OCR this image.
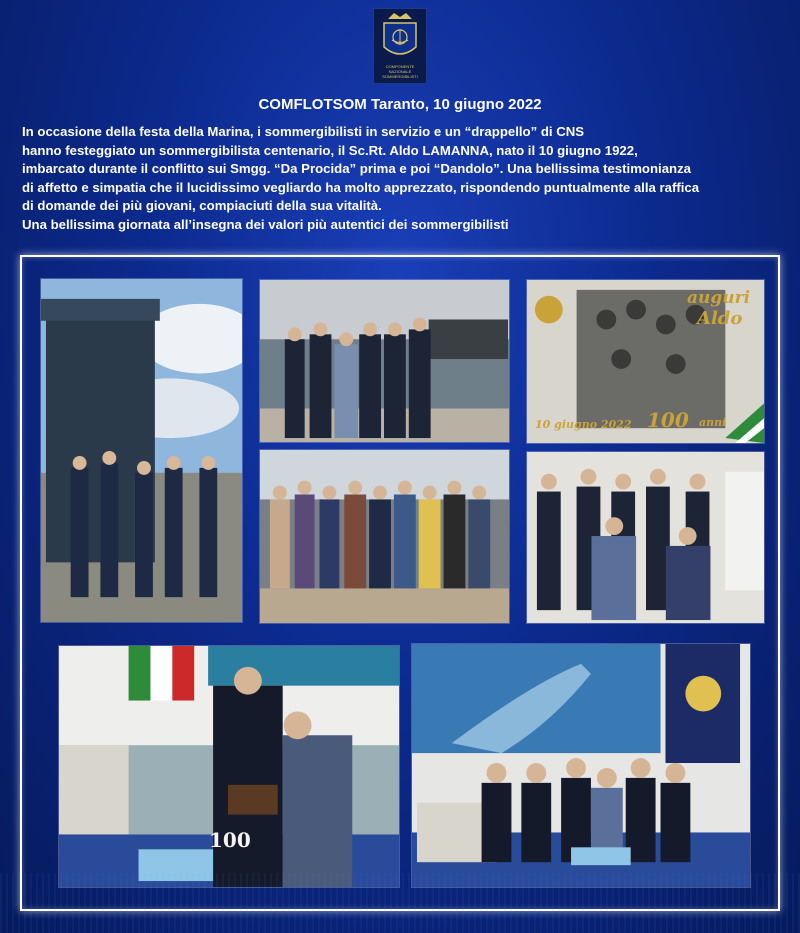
COMPONENTE NAZIONALE
SOMMERGIBILISTI
COMFLOTSOM Taranto, 10 giugno 2022

In occasione della festa della Marina, i sommergibilisti in servizio e un “drappello” di CNS

hanno festeggiato un sommergibilista centenario, il Sc.Rt. Aldo LAMANNA, nato il 10 giugno 1922,

imbarcato durante il conflitto sui Smgg. “Da Procida” prima e poi “Dandolo”. Una bellissima testimonianza

di affetto e simpatia che il lucidissimo vegliardo ha molto apprezzato, rispondendo puntualmente alla raffica

di domande dei più giovani, compiaciuti della sua vitalità.

Una bellissima giornata all’insegna dei valori più autentici dei sommergibilisti

auguri
Aldo
10 giugno 2022 100 anni
100
